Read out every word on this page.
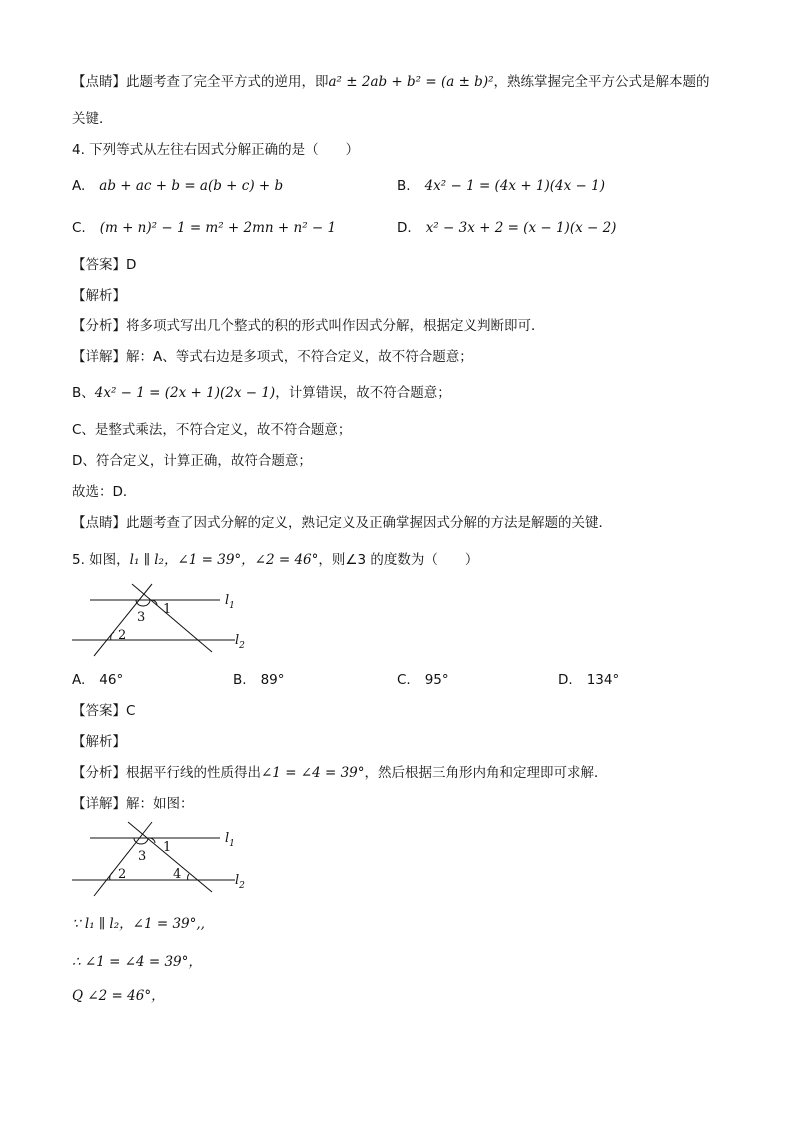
【点睛】此题考查了完全平方式的逆用，即a² ± 2ab + b² = (a ± b)²，熟练掌握完全平方公式是解本题的
关键．
4. 下列等式从左往右因式分解正确的是（　　）
A. ab + ac + b = a(b + c) + b	B. 4x² − 1 = (4x + 1)(4x − 1)
C. (m + n)² − 1 = m² + 2mn + n² − 1	D. x² − 3x + 2 = (x − 1)(x − 2)
【答案】D
【解析】
【分析】将多项式写出几个整式的积的形式叫作因式分解，根据定义判断即可．
【详解】解：A、等式右边是多项式，不符合定义，故不符合题意；
B、4x² − 1 = (2x + 1)(2x − 1)，计算错误，故不符合题意；
C、是整式乘法，不符合定义，故不符合题意；
D、符合定义，计算正确，故符合题意；
故选：D．
【点睛】此题考查了因式分解的定义，熟记定义及正确掌握因式分解的方法是解题的关键．
5. 如图，l₁ ∥ l₂，∠1 = 39°，∠2 = 46°，则∠3 的度数为（　　）
1
3
2
$l_1$
$l_2$
A. 46°	B. 89°	C. 95°	D. 134°
【答案】C
【解析】
【分析】根据平行线的性质得出∠1 = ∠4 = 39°，然后根据三角形内角和定理即可求解．
【详解】解：如图：
1
3
2	4
$l_1$
$l_2$
∵ l₁ ∥ l₂，∠1 = 39°,,
∴ ∠1 = ∠4 = 39°，
Q ∠2 = 46°，
